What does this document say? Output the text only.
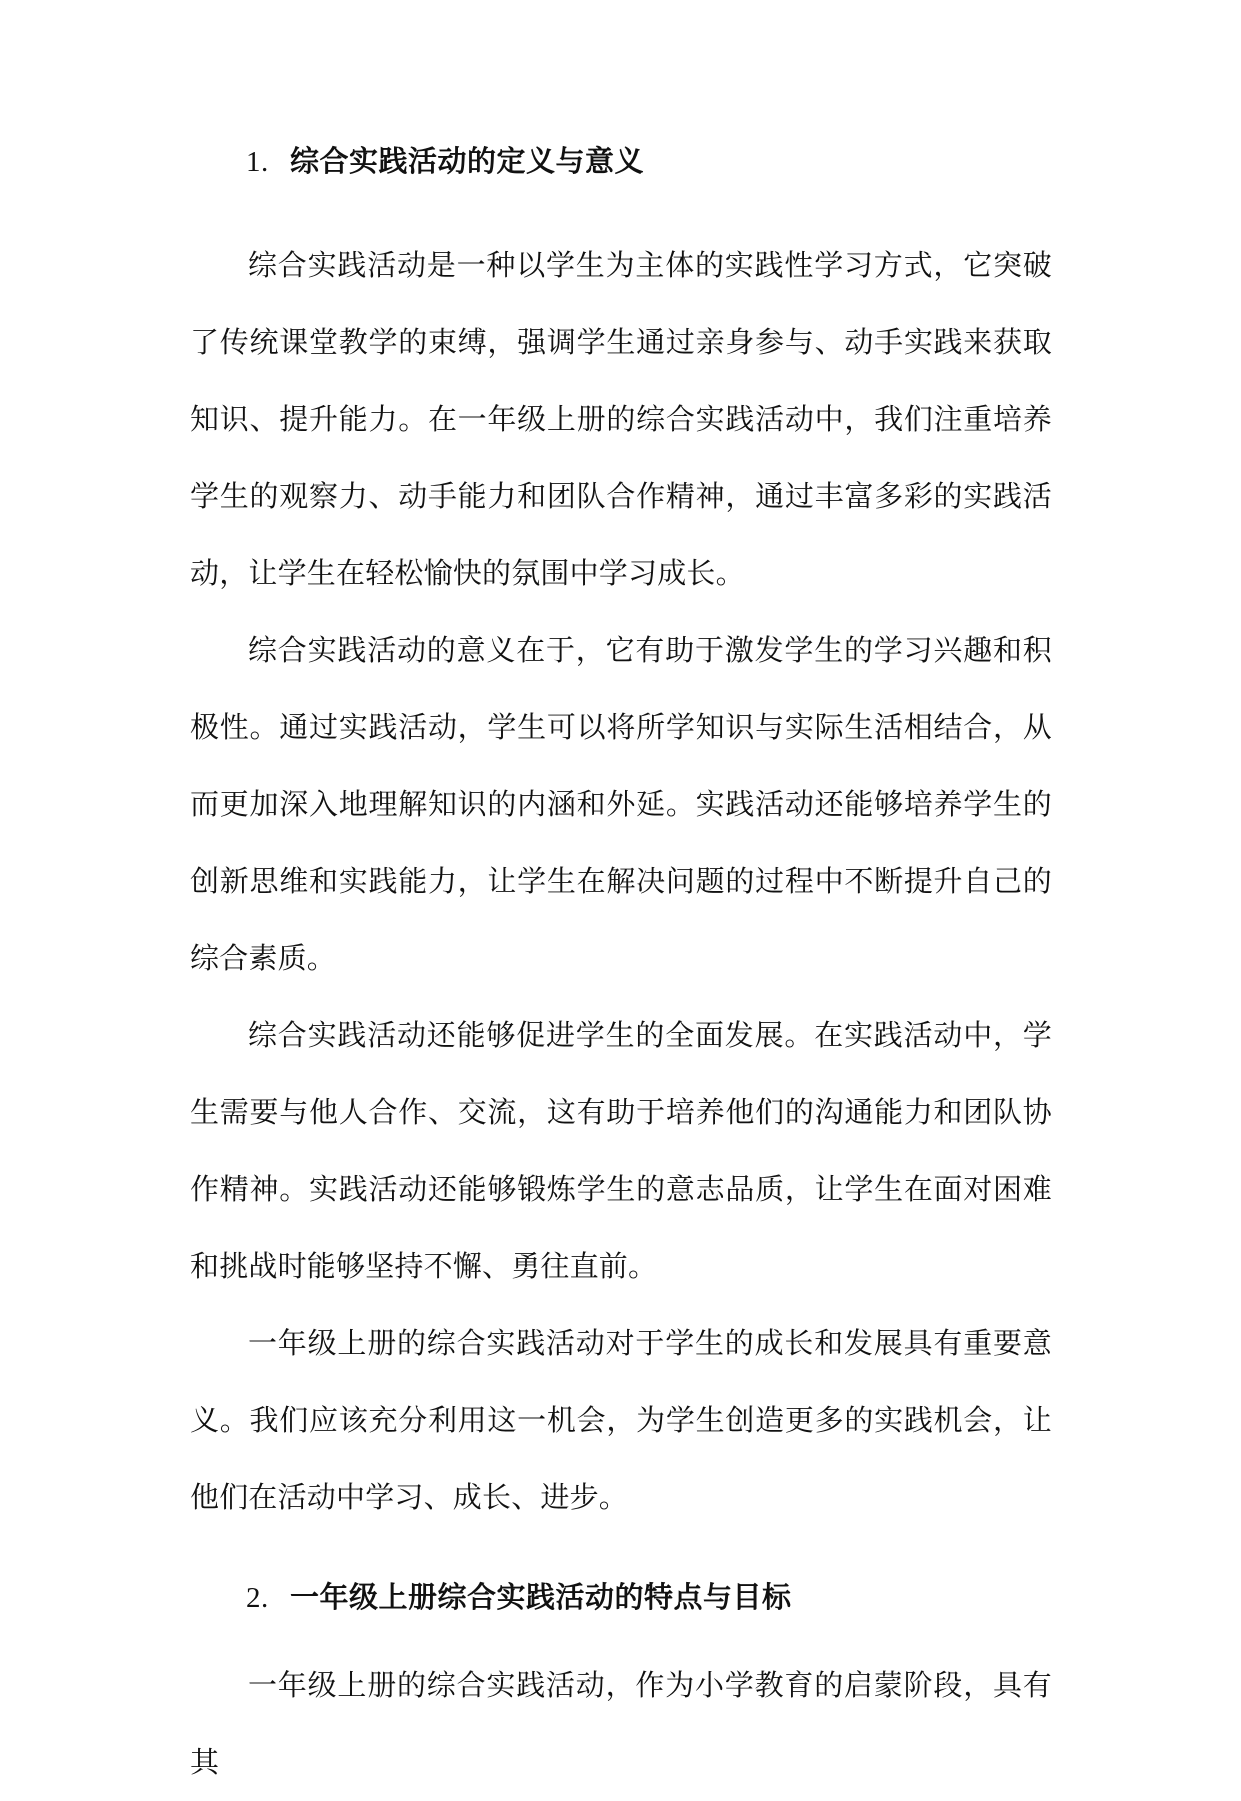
1. 综合实践活动的定义与意义

综合实践活动是一种以学生为主体的实践性学习方式，它突破了传统课堂教学的束缚，强调学生通过亲身参与、动手实践来获取知识、提升能力。在一年级上册的综合实践活动中，我们注重培养学生的观察力、动手能力和团队合作精神，通过丰富多彩的实践活动，让学生在轻松愉快的氛围中学习成长。

综合实践活动的意义在于，它有助于激发学生的学习兴趣和积极性。通过实践活动，学生可以将所学知识与实际生活相结合，从而更加深入地理解知识的内涵和外延。实践活动还能够培养学生的创新思维和实践能力，让学生在解决问题的过程中不断提升自己的综合素质。

综合实践活动还能够促进学生的全面发展。在实践活动中，学生需要与他人合作、交流，这有助于培养他们的沟通能力和团队协作精神。实践活动还能够锻炼学生的意志品质，让学生在面对困难和挑战时能够坚持不懈、勇往直前。

一年级上册的综合实践活动对于学生的成长和发展具有重要意义。我们应该充分利用这一机会，为学生创造更多的实践机会，让他们在活动中学习、成长、进步。

2. 一年级上册综合实践活动的特点与目标

一年级上册的综合实践活动，作为小学教育的启蒙阶段，具有其
